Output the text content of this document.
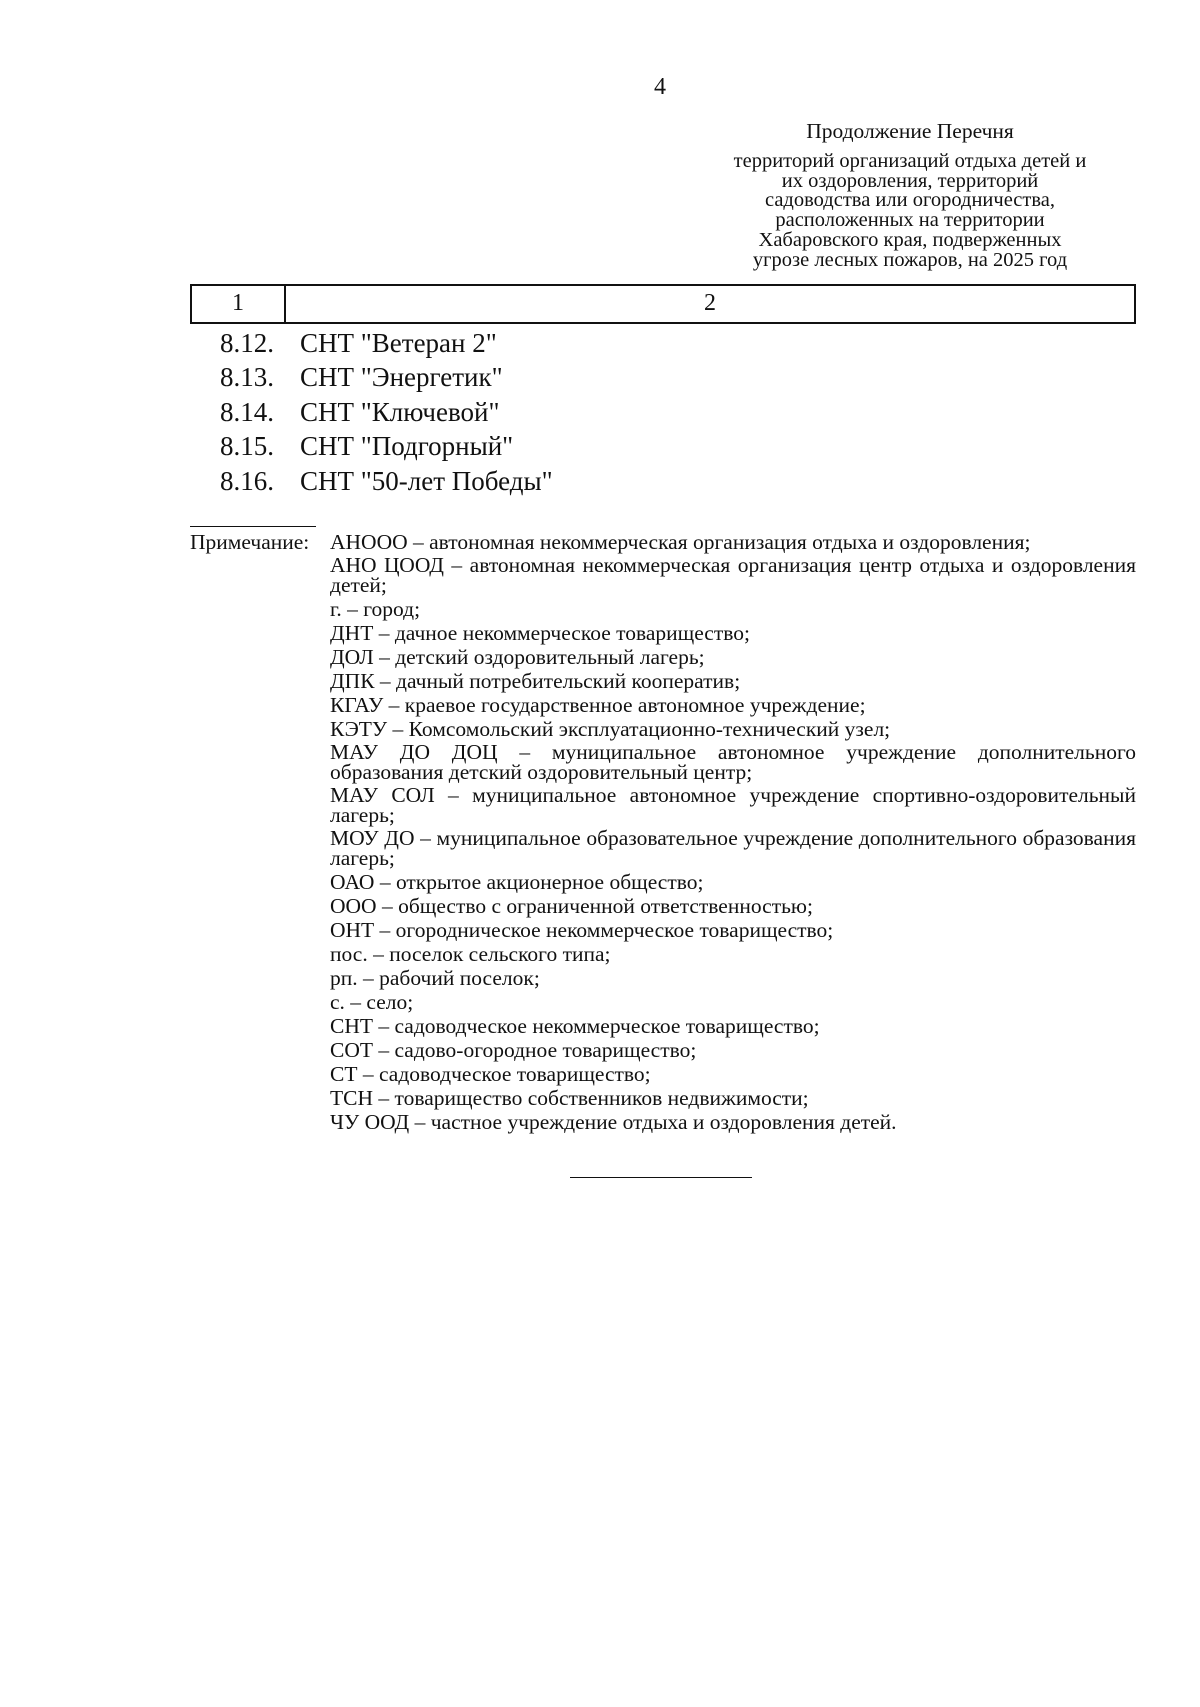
4
Продолжение Перечня
территорий организаций отдыха детей и
их оздоровления, территорий
садоводства или огородничества,
расположенных на территории
Хабаровского края, подверженных
угрозе лесных пожаров, на 2025 год
1	2
8.12. СНТ "Ветеран 2"
8.13. СНТ "Энергетик"
8.14. СНТ "Ключевой"
8.15. СНТ "Подгорный"
8.16. СНТ "50-лет Победы"
Примечание: АНООО – автономная некоммерческая организация отдыха и оздоровления;
АНО ЦООД – автономная некоммерческая организация центр отдыха и оздоровления детей;
г. – город;
ДНТ – дачное некоммерческое товарищество;
ДОЛ – детский оздоровительный лагерь;
ДПК – дачный потребительский кооператив;
КГАУ – краевое государственное автономное учреждение;
КЭТУ – Комсомольский эксплуатационно-технический узел;
МАУ ДО ДОЦ – муниципальное автономное учреждение дополнительного образования детский оздоровительный центр;
МАУ СОЛ – муниципальное автономное учреждение спортивно-оздоровительный лагерь;
МОУ ДО – муниципальное образовательное учреждение дополнительного образования лагерь;
ОАО – открытое акционерное общество;
ООО – общество с ограниченной ответственностью;
ОНТ – огородническое некоммерческое товарищество;
пос. – поселок сельского типа;
рп. – рабочий поселок;
с. – село;
СНТ – садоводческое некоммерческое товарищество;
СОТ – садово-огородное товарищество;
СТ – садоводческое товарищество;
ТСН – товарищество собственников недвижимости;
ЧУ ООД – частное учреждение отдыха и оздоровления детей.
